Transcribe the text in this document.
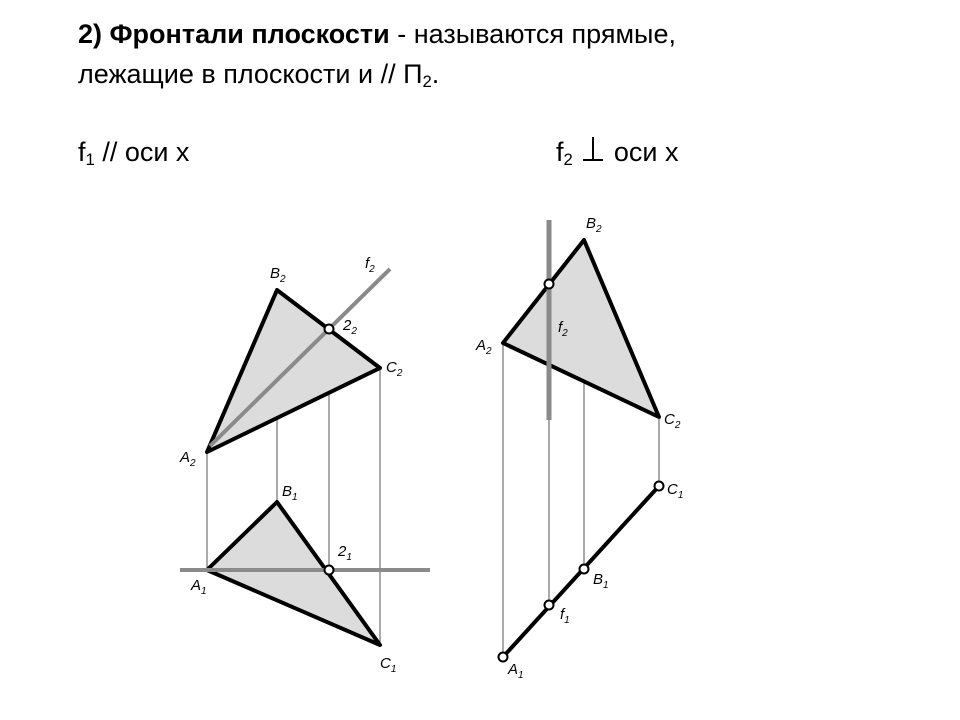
2) Фронтали плоскости - называются прямые,
лежащие в плоскости и // $П_2$.

$f_1$ // оси x	$f_2$  оси x
$B_2$
$C_2$
$A_2$
$f_2$
$2_2$
$B_1$
$A_1$
$2_1$
$C_1$
$B_2$
$A_2$
$f_2$
$C_2$
$C_1$
$B_1$
$f_1$
$A_1$
